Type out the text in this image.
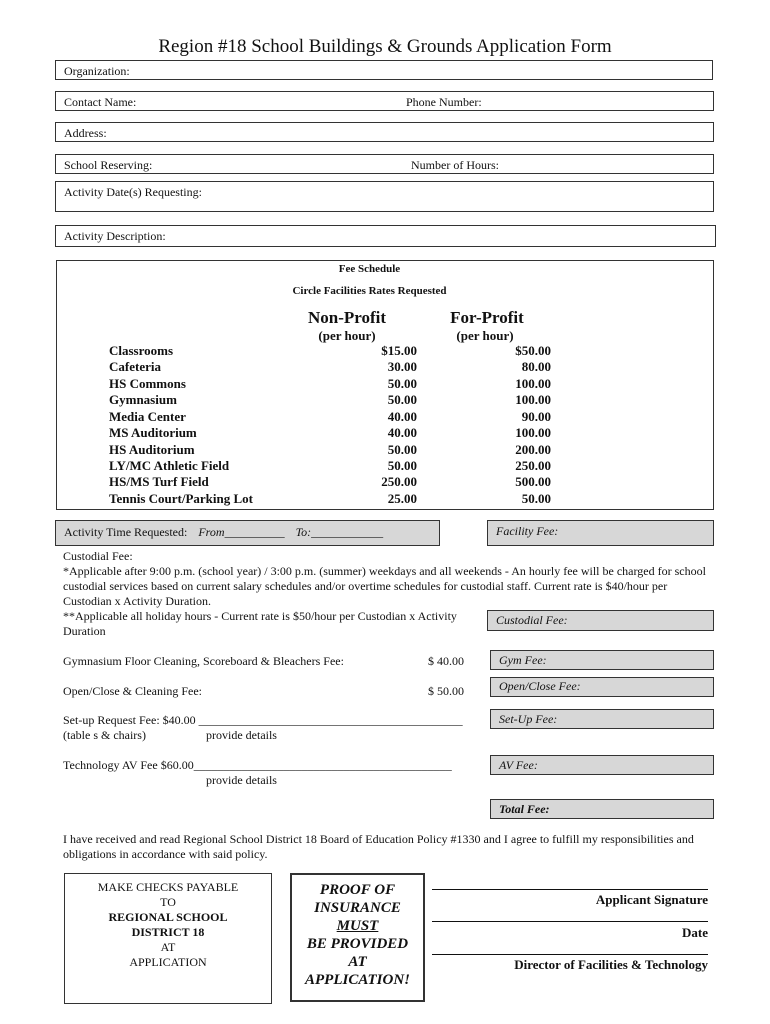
Region #18 School Buildings & Grounds Application Form
Organization:
Contact Name:	Phone Number:
Address:
School Reserving:	Number of Hours:
Activity Date(s) Requesting:
Activity Description:
Fee Schedule
Circle Facilities Rates Requested
Non-Profit	For-Profit
(per hour)	(per hour)
Classrooms	$15.00	$50.00
Cafeteria	30.00	80.00
HS Commons	50.00	100.00
Gymnasium	50.00	100.00
Media Center	40.00	90.00
MS Auditorium	40.00	100.00
HS Auditorium	50.00	200.00
LY/MC Athletic Field	50.00	250.00
HS/MS Turf Field	250.00	500.00
Tennis Court/Parking Lot	25.00	50.00
Activity Time Requested: From__________ To:____________	Facility Fee:
Custodial Fee:
*Applicable after 9:00 p.m. (school year) / 3:00 p.m. (summer) weekdays and all weekends - An hourly fee will be charged for school custodial services based on current salary schedules and/or overtime schedules for custodial staff. Current rate is $40/hour per Custodian x Activity Duration.
**Applicable all holiday hours - Current rate is $50/hour per Custodian x Activity Duration
Custodial Fee:
Gymnasium Floor Cleaning, Scoreboard & Bleachers Fee:	$ 40.00	Gym Fee:
Open/Close & Cleaning Fee:	$ 50.00	Open/Close Fee:
Set-up Request Fee: $40.00 ____________________________________________
(table s & chairs)	provide details
Set-Up Fee:
Technology AV Fee $60.00___________________________________________
provide details
AV Fee:
Total Fee:
I have received and read Regional School District 18 Board of Education Policy #1330 and I agree to fulfill my responsibilities and obligations in accordance with said policy.
MAKE CHECKS PAYABLE
TO
REGIONAL SCHOOL
DISTRICT 18
AT
APPLICATION
PROOF OF
INSURANCE
MUST
BE PROVIDED
AT
APPLICATION!
Applicant Signature
Date
Director of Facilities & Technology
